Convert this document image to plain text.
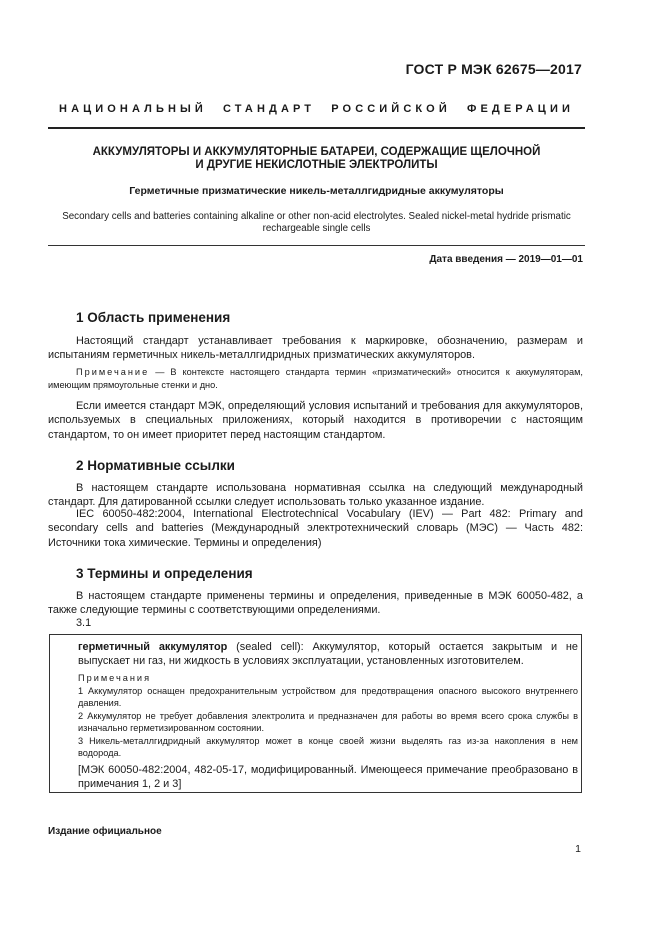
ГОСТ Р МЭК 62675—2017
НАЦИОНАЛЬНЫЙ СТАНДАРТ РОССИЙСКОЙ ФЕДЕРАЦИИ
АККУМУЛЯТОРЫ И АККУМУЛЯТОРНЫЕ БАТАРЕИ, СОДЕРЖАЩИЕ ЩЕЛОЧНОЙ
И ДРУГИЕ НЕКИСЛОТНЫЕ ЭЛЕКТРОЛИТЫ
Герметичные призматические никель-металлгидридные аккумуляторы
Secondary cells and batteries containing alkaline or other non-acid electrolytes. Sealed nickel-metal hydride prismatic
rechargeable single cells
Дата введения — 2019—01—01
1 Область применения

Настоящий стандарт устанавливает требования к маркировке, обозначению, размерам и испытаниям герметичных никель-металлгидридных призматических аккумуляторов.

Примечание — В контексте настоящего стандарта термин «призматический» относится к аккумуляторам, имеющим прямоугольные стенки и дно.

Если имеется стандарт МЭК, определяющий условия испытаний и требования для аккумуляторов, используемых в специальных приложениях, который находится в противоречии с настоящим стандартом, то он имеет приоритет перед настоящим стандартом.

2 Нормативные ссылки

В настоящем стандарте использована нормативная ссылка на следующий международный стандарт. Для датированной ссылки следует использовать только указанное издание.

IEC 60050-482:2004, International Electrotechnical Vocabulary (IEV) — Part 482: Primary and secondary cells and batteries (Международный электротехнический словарь (МЭС) — Часть 482: Источники тока химические. Термины и определения)

3 Термины и определения

В настоящем стандарте применены термины и определения, приведенные в МЭК 60050-482, а также следующие термины с соответствующими определениями.

3.1

герметичный аккумулятор (sealed cell): Аккумулятор, который остается закрытым и не выпускает ни газ, ни жидкость в условиях эксплуатации, установленных изготовителем.

Примечания

1 Аккумулятор оснащен предохранительным устройством для предотвращения опасного высокого внутреннего давления.

2 Аккумулятор не требует добавления электролита и предназначен для работы во время всего срока службы в изначально герметизированном состоянии.

3 Никель-металлгидридный аккумулятор может в конце своей жизни выделять газ из-за накопления в нем водорода.

[МЭК 60050-482:2004, 482-05-17, модифицированный. Имеющееся примечание преобразовано в примечания 1, 2 и 3]

Издание официальное
1
